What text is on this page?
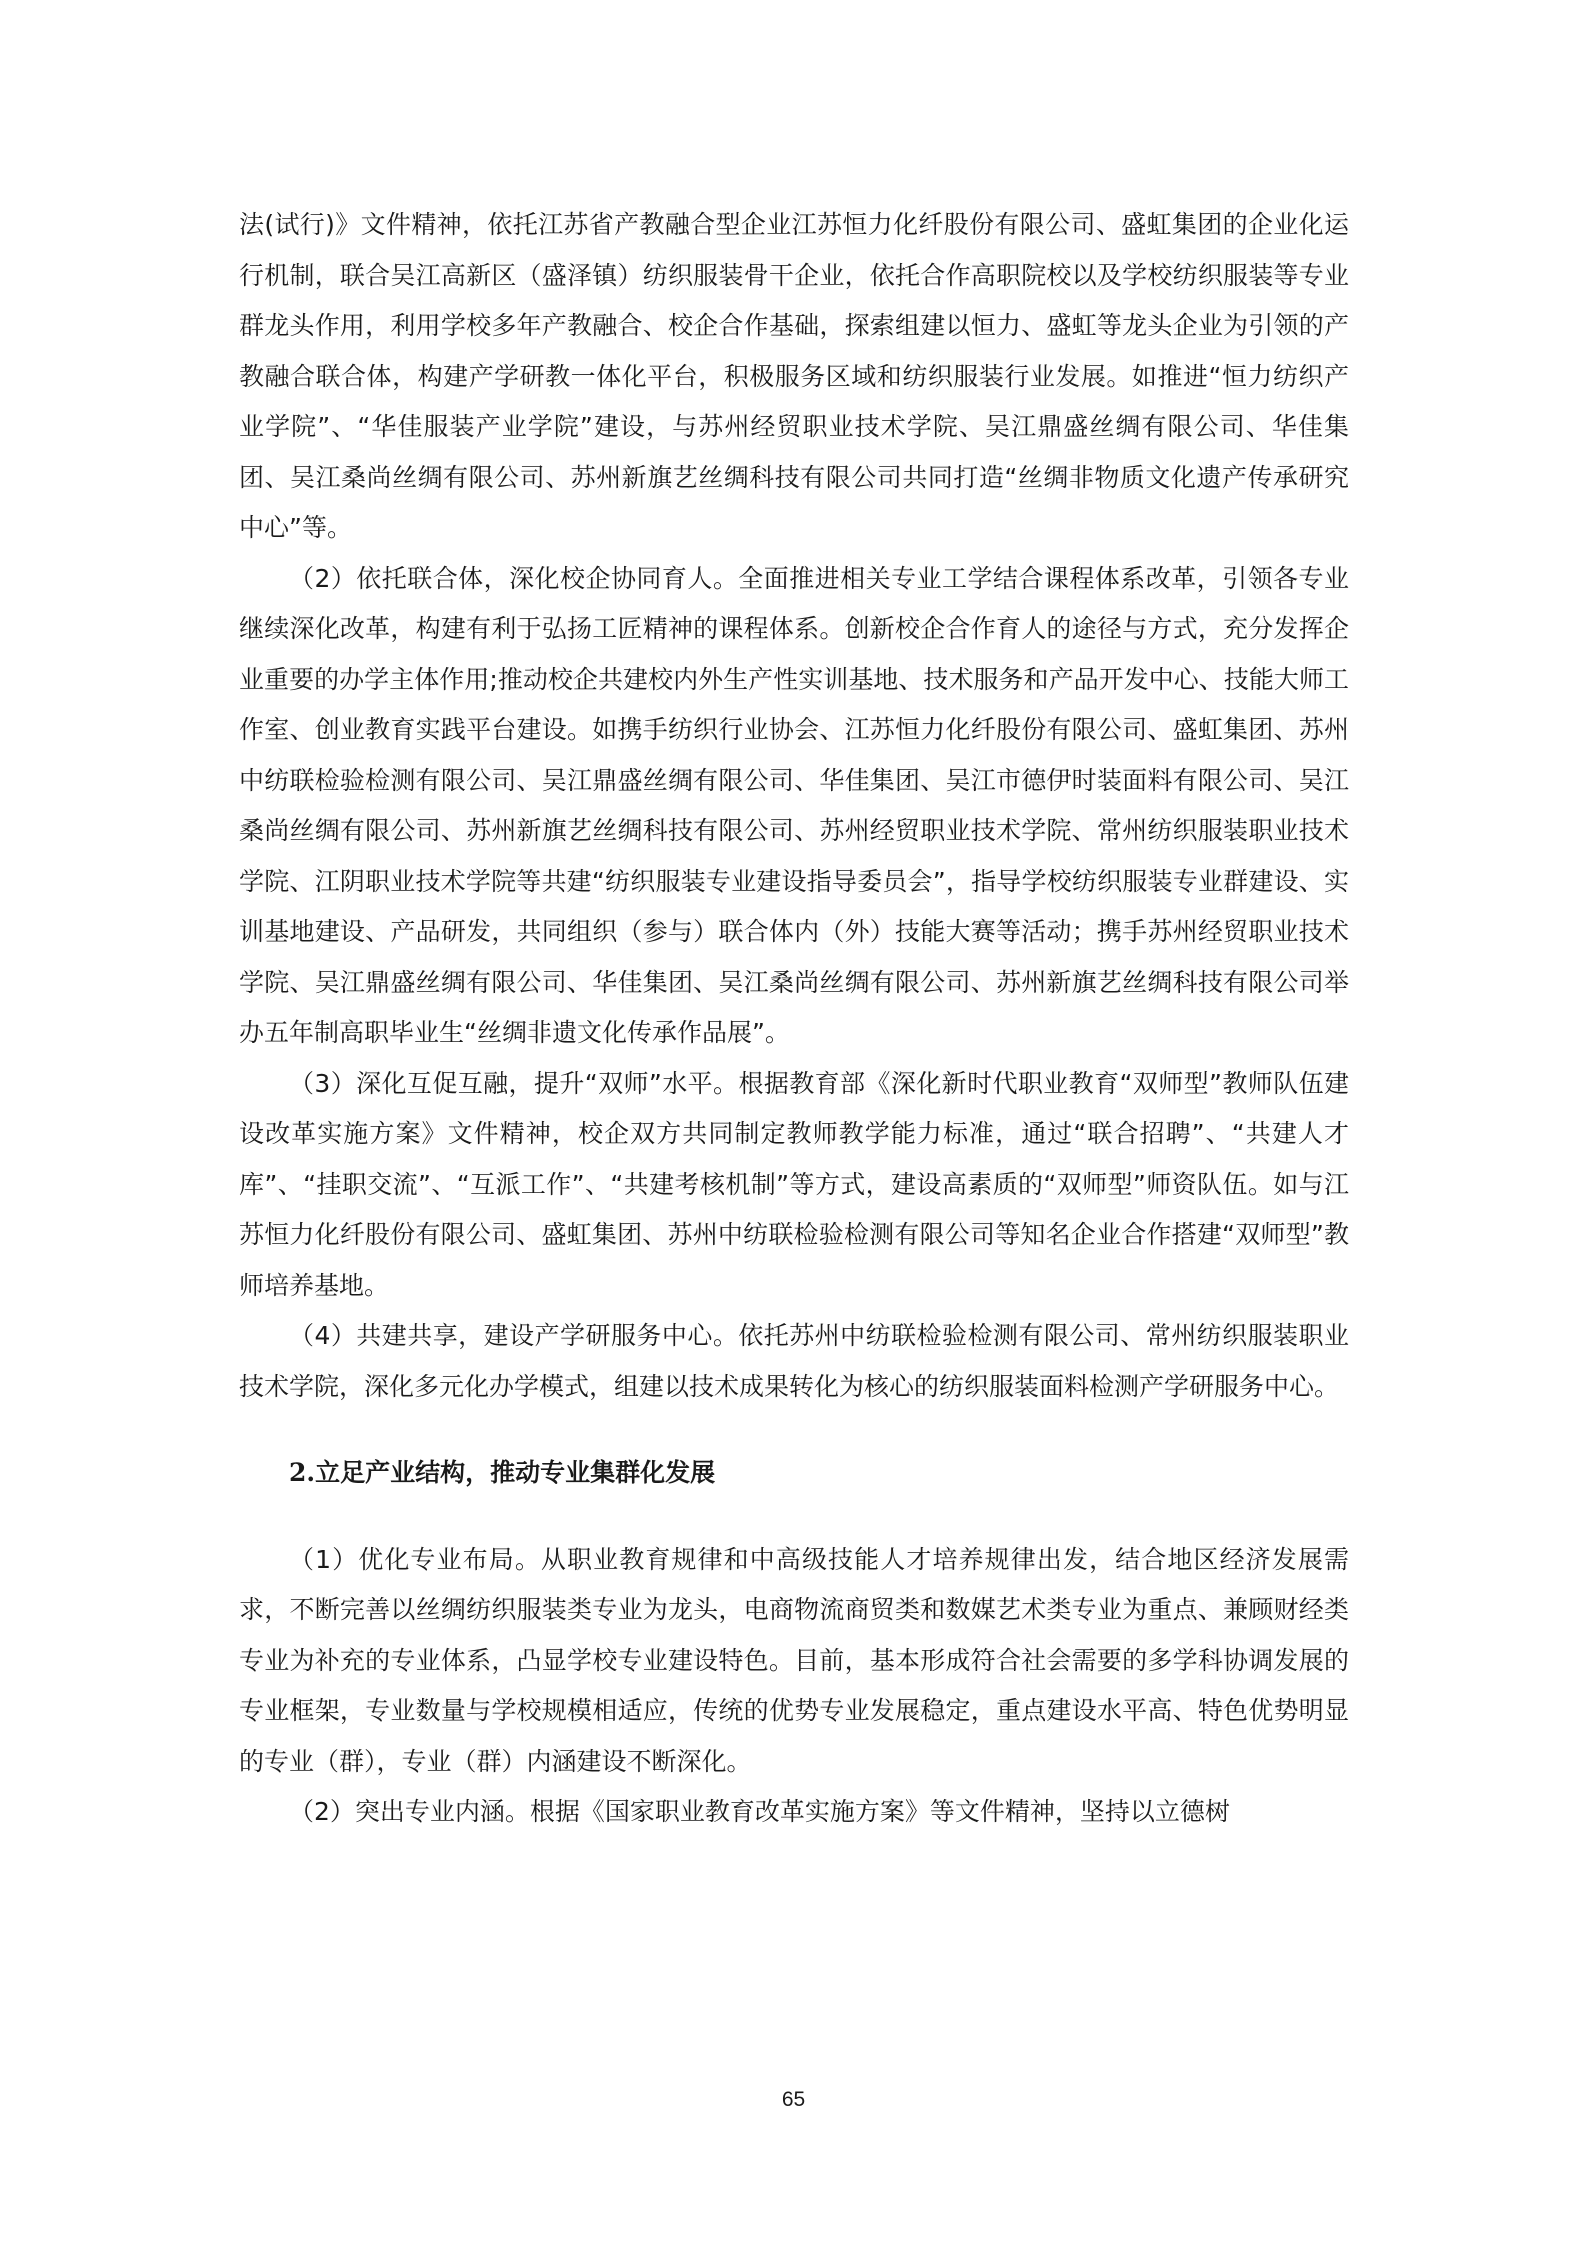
法(试行)》文件精神，依托江苏省产教融合型企业江苏恒力化纤股份有限公司、盛虹集团的企业化运行机制，联合吴江高新区（盛泽镇）纺织服装骨干企业，依托合作高职院校以及学校纺织服装等专业群龙头作用，利用学校多年产教融合、校企合作基础，探索组建以恒力、盛虹等龙头企业为引领的产教融合联合体，构建产学研教一体化平台，积极服务区域和纺织服装行业发展。如推进“恒力纺织产业学院”、“华佳服装产业学院”建设，与苏州经贸职业技术学院、吴江鼎盛丝绸有限公司、华佳集团、吴江桑尚丝绸有限公司、苏州新旗艺丝绸科技有限公司共同打造“丝绸非物质文化遗产传承研究中心”等。

（2）依托联合体，深化校企协同育人。全面推进相关专业工学结合课程体系改革，引领各专业继续深化改革，构建有利于弘扬工匠精神的课程体系。创新校企合作育人的途径与方式，充分发挥企业重要的办学主体作用;推动校企共建校内外生产性实训基地、技术服务和产品开发中心、技能大师工作室、创业教育实践平台建设。如携手纺织行业协会、江苏恒力化纤股份有限公司、盛虹集团、苏州中纺联检验检测有限公司、吴江鼎盛丝绸有限公司、华佳集团、吴江市德伊时装面料有限公司、吴江桑尚丝绸有限公司、苏州新旗艺丝绸科技有限公司、苏州经贸职业技术学院、常州纺织服装职业技术学院、江阴职业技术学院等共建“纺织服装专业建设指导委员会”，指导学校纺织服装专业群建设、实训基地建设、产品研发，共同组织（参与）联合体内（外）技能大赛等活动；携手苏州经贸职业技术学院、吴江鼎盛丝绸有限公司、华佳集团、吴江桑尚丝绸有限公司、苏州新旗艺丝绸科技有限公司举办五年制高职毕业生“丝绸非遗文化传承作品展”。

（3）深化互促互融，提升“双师”水平。根据教育部《深化新时代职业教育“双师型”教师队伍建设改革实施方案》文件精神，校企双方共同制定教师教学能力标准，通过“联合招聘”、“共建人才库”、“挂职交流”、“互派工作”、“共建考核机制”等方式，建设高素质的“双师型”师资队伍。如与江苏恒力化纤股份有限公司、盛虹集团、苏州中纺联检验检测有限公司等知名企业合作搭建“双师型”教师培养基地。

（4）共建共享，建设产学研服务中心。依托苏州中纺联检验检测有限公司、常州纺织服装职业技术学院，深化多元化办学模式，组建以技术成果转化为核心的纺织服装面料检测产学研服务中心。

2.立足产业结构，推动专业集群化发展

（1）优化专业布局。从职业教育规律和中高级技能人才培养规律出发，结合地区经济发展需求，不断完善以丝绸纺织服装类专业为龙头，电商物流商贸类和数媒艺术类专业为重点、兼顾财经类专业为补充的专业体系，凸显学校专业建设特色。目前，基本形成符合社会需要的多学科协调发展的专业框架，专业数量与学校规模相适应，传统的优势专业发展稳定，重点建设水平高、特色优势明显的专业（群），专业（群）内涵建设不断深化。

（2）突出专业内涵。根据《国家职业教育改革实施方案》等文件精神，坚持以立德树

65
